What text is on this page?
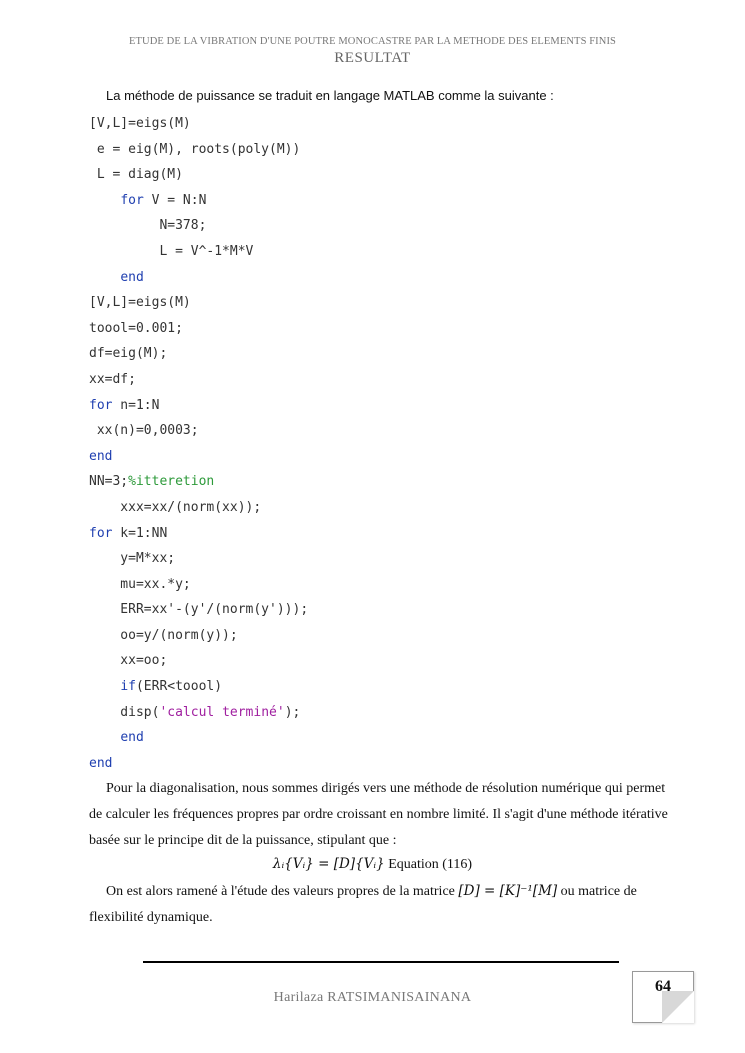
ETUDE DE LA VIBRATION D'UNE POUTRE MONOCASTRE PAR LA METHODE DES ELEMENTS FINIS
RESULTAT
La méthode de puissance se traduit en langage MATLAB comme la suivante :
[V,L]=eigs(M)
e = eig(M), roots(poly(M))
L = diag(M)
for V = N:N
N=378;
L = V^-1*M*V
end
[V,L]=eigs(M)
toool=0.001;
df=eig(M);
xx=df;
for n=1:N
xx(n)=0,0003;
end
NN=3;%itteretion
xxx=xx/(norm(xx));
for k=1:NN
y=M*xx;
mu=xx.*y;
ERR=xx'-(y'/(norm(y')));
oo=y/(norm(y));
xx=oo;
if(ERR<toool)
disp('calcul terminé');
end
end
Pour la diagonalisation, nous sommes dirigés vers une méthode de résolution numérique qui permet de calculer les fréquences propres par ordre croissant en nombre limité. Il s'agit d'une méthode itérative basée sur le principe dit de la puissance, stipulant que :
λᵢ{Vᵢ} = [D]{Vᵢ} Equation (116)
On est alors ramené à l'étude des valeurs propres de la matrice [D] = [K]⁻¹[M] ou matrice de flexibilité dynamique.
Harilaza RATSIMANISAINANA
64
